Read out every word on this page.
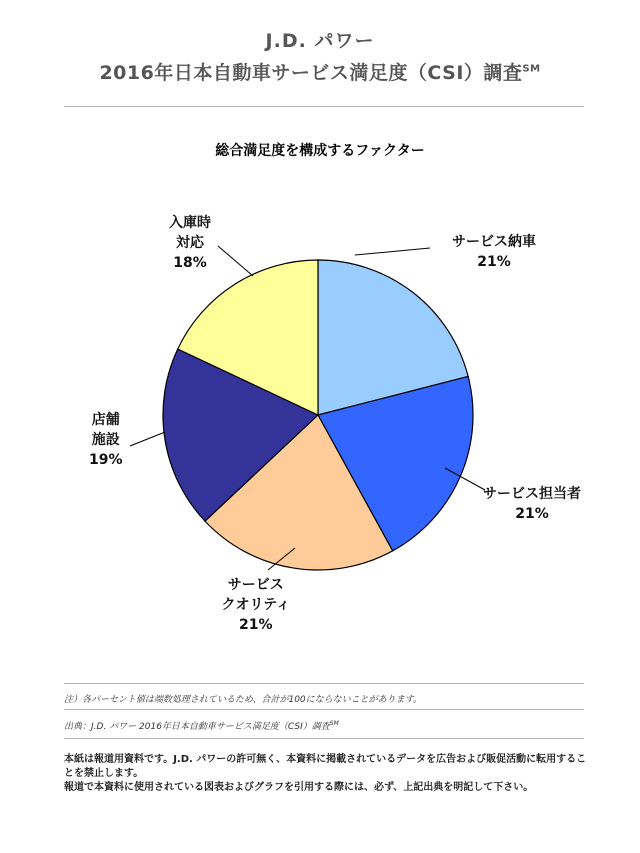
J.D. パワー
2016年日本自動車サービス満足度（CSI）調査℠
総合満足度を構成するファクター
サービス納車
21%
サービス担当者
21%
サービス
クオリティ
21%
店舗
施設
19%
入庫時
対応
18%
注）各パーセント値は端数処理されているため、合計が100にならないことがあります。
出典：J.D. パワー 2016年日本自動車サービス満足度（CSI）調査℠

本紙は報道用資料です。J.D. パワーの許可無く、本資料に掲載されているデータを広告および販促活動に転用することを禁止します。

報道で本資料に使用されている図表およびグラフを引用する際には、必ず、上記出典を明記して下さい。
